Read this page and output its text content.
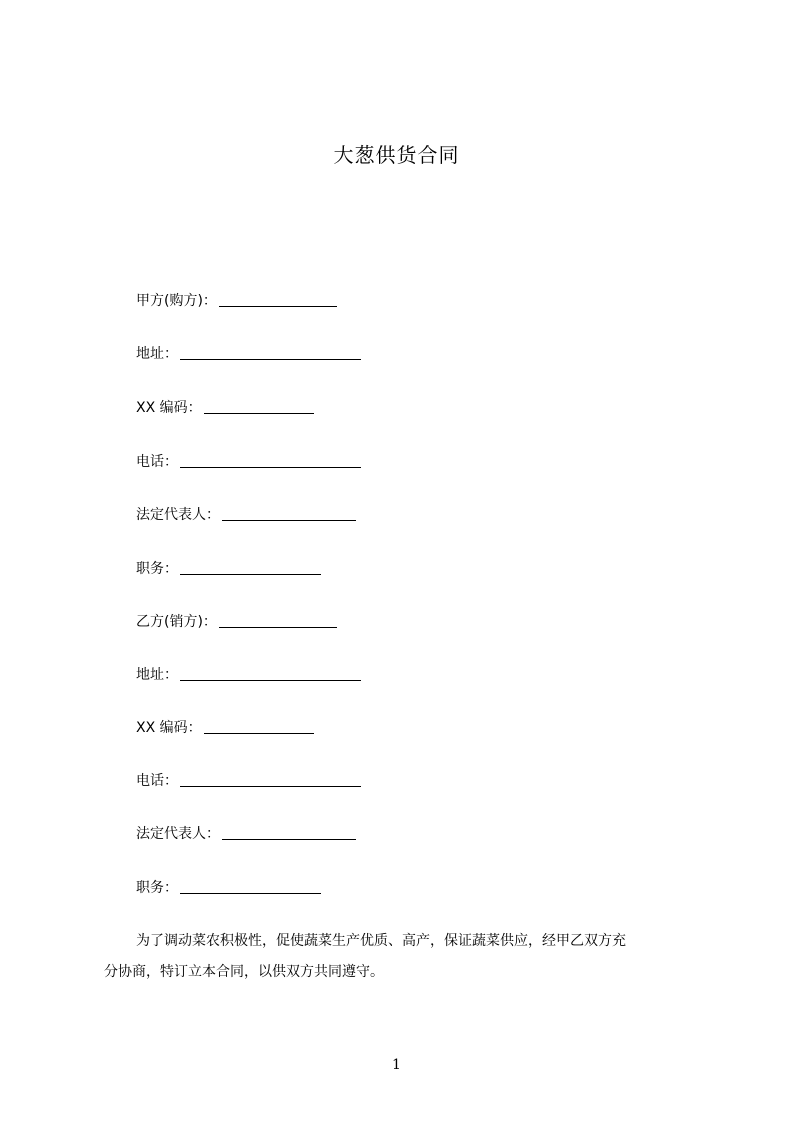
大葱供货合同
甲方(购方)：
地址：
XX 编码：
电话：
法定代表人：
职务：
乙方(销方)：
地址：
XX 编码：
电话：
法定代表人：
职务：
为了调动菜农积极性，促使蔬菜生产优质、高产，保证蔬菜供应，经甲乙双方充
分协商，特订立本合同，以供双方共同遵守。
1
